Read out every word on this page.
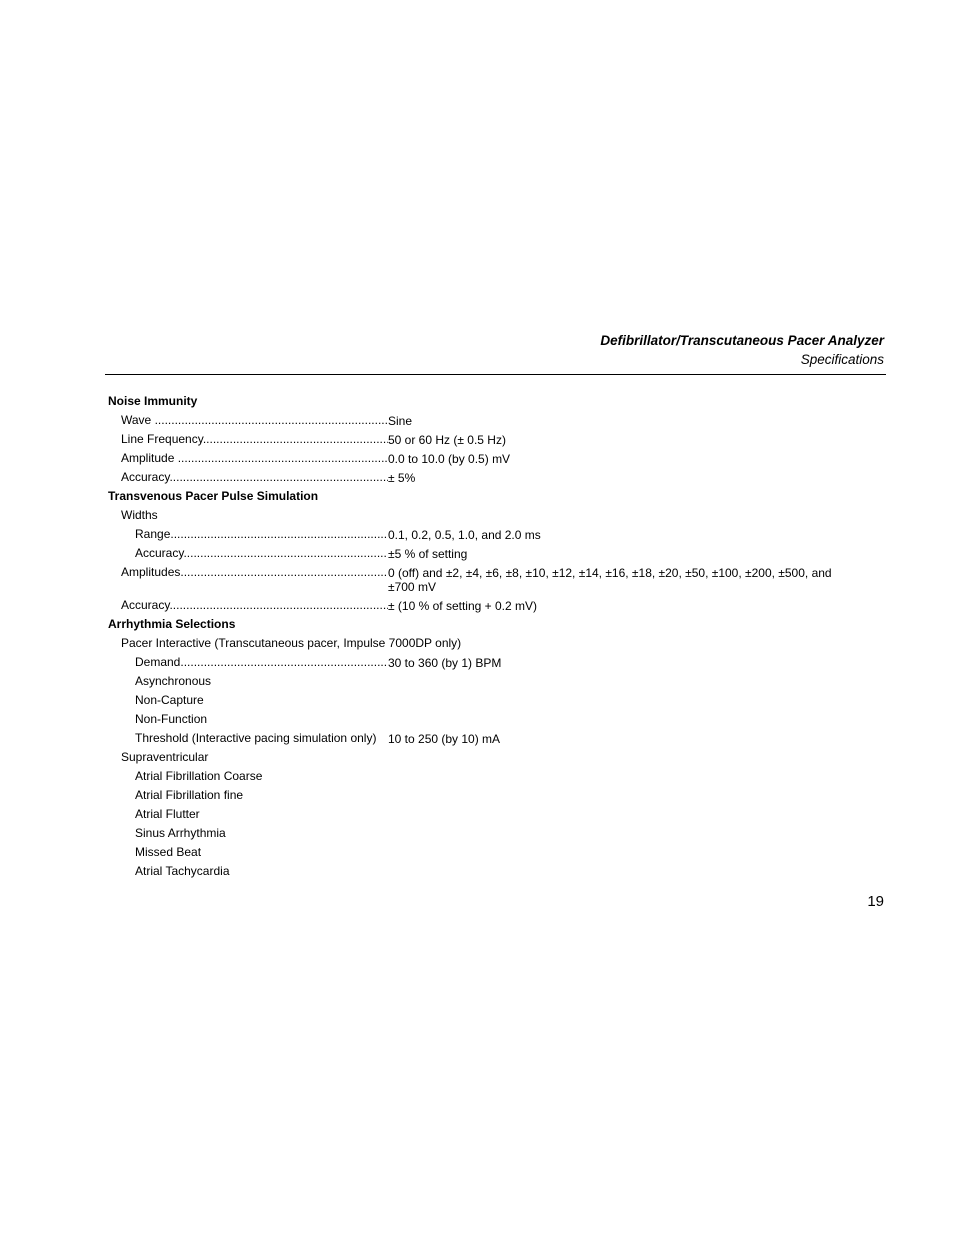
Defibrillator/Transcutaneous Pacer Analyzer
Specifications
Noise Immunity
Wave .....	Sine
Line Frequency .....	50 or 60 Hz (± 0.5 Hz)
Amplitude .....	0.0 to 10.0 (by 0.5) mV
Accuracy .....	± 5%
Transvenous Pacer Pulse Simulation
Widths
Range .....	0.1, 0.2, 0.5, 1.0, and 2.0 ms
Accuracy .....	±5 % of setting
Amplitudes .....	0 (off) and ±2, ±4, ±6, ±8, ±10, ±12, ±14, ±16, ±18, ±20, ±50, ±100, ±200, ±500, and ±700 mV
Accuracy .....	± (10 % of setting + 0.2 mV)
Arrhythmia Selections
Pacer Interactive (Transcutaneous pacer, Impulse 7000DP only)
Demand .....	30 to 360 (by 1) BPM
Asynchronous
Non-Capture
Non-Function
Threshold (Interactive pacing simulation only) 10 to 250 (by 10) mA
Supraventricular
Atrial Fibrillation Coarse
Atrial Fibrillation fine
Atrial Flutter
Sinus Arrhythmia
Missed Beat
Atrial Tachycardia
19
